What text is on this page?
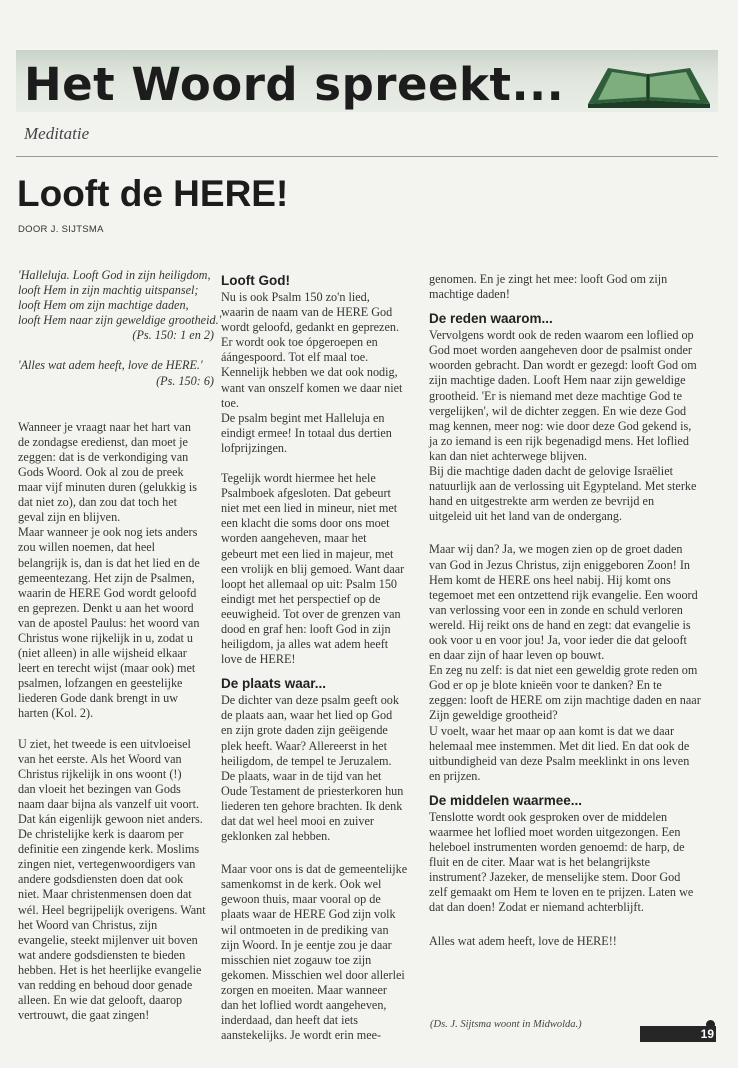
Het Woord spreekt...
Meditatie
Looft de HERE!
DOOR J. SIJTSMA

'Halleluja. Looft God in zijn heiligdom,

looft Hem in zijn machtig uitspansel;

looft Hem om zijn machtige daden,

looft Hem naar zijn geweldige grootheid.'

(Ps. 150: 1 en 2)

'Alles wat adem heeft, love de HERE.'

(Ps. 150: 6)

Wanneer je vraagt naar het hart van

de zondagse eredienst, dan moet je

zeggen: dat is de verkondiging van

Gods Woord. Ook al zou de preek

maar vijf minuten duren (gelukkig is

dat niet zo), dan zou dat toch het

geval zijn en blijven.

Maar wanneer je ook nog iets anders

zou willen noemen, dat heel

belangrijk is, dan is dat het lied en de

gemeentezang. Het zijn de Psalmen,

waarin de HERE God wordt geloofd

en geprezen. Denkt u aan het woord

van de apostel Paulus: het woord van

Christus wone rijkelijk in u, zodat u

(niet alleen) in alle wijsheid elkaar

leert en terecht wijst (maar ook) met

psalmen, lofzangen en geestelijke

liederen Gode dank brengt in uw

harten (Kol. 2).

U ziet, het tweede is een uitvloeisel

van het eerste. Als het Woord van

Christus rijkelijk in ons woont (!)

dan vloeit het bezingen van Gods

naam daar bijna als vanzelf uit voort.

Dat kán eigenlijk gewoon niet anders.

De christelijke kerk is daarom per

definitie een zingende kerk. Moslims

zingen niet, vertegenwoordigers van

andere godsdiensten doen dat ook

niet. Maar christenmensen doen dat

wél. Heel begrijpelijk overigens. Want

het Woord van Christus, zijn

evangelie, steekt mijlenver uit boven

wat andere godsdiensten te bieden

hebben. Het is het heerlijke evangelie

van redding en behoud door genade

alleen. En wie dat gelooft, daarop

vertrouwt, die gaat zingen!

Looft God!

Nu is ook Psalm 150 zo'n lied,

waarin de naam van de HERE God

wordt geloofd, gedankt en geprezen.

Er wordt ook toe ópgeroepen en

áángespoord. Tot elf maal toe.

Kennelijk hebben we dat ook nodig,

want van onszelf komen we daar niet

toe.

De psalm begint met Halleluja en

eindigt ermee! In totaal dus dertien

lofprijzingen.

Tegelijk wordt hiermee het hele

Psalmboek afgesloten. Dat gebeurt

niet met een lied in mineur, niet met

een klacht die soms door ons moet

worden aangeheven, maar het

gebeurt met een lied in majeur, met

een vrolijk en blij gemoed. Want daar

loopt het allemaal op uit: Psalm 150

eindigt met het perspectief op de

eeuwigheid. Tot over de grenzen van

dood en graf hen: looft God in zijn

heiligdom, ja alles wat adem heeft

love de HERE!

De plaats waar...

De dichter van deze psalm geeft ook

de plaats aan, waar het lied op God

en zijn grote daden zijn geëigende

plek heeft. Waar? Allereerst in het

heiligdom, de tempel te Jeruzalem.

De plaats, waar in de tijd van het

Oude Testament de priesterkoren hun

liederen ten gehore brachten. Ik denk

dat dat wel heel mooi en zuiver

geklonken zal hebben.

Maar voor ons is dat de gemeentelijke

samenkomst in de kerk. Ook wel

gewoon thuis, maar vooral op de

plaats waar de HERE God zijn volk

wil ontmoeten in de prediking van

zijn Woord. In je eentje zou je daar

misschien niet zogauw toe zijn

gekomen. Misschien wel door allerlei

zorgen en moeiten. Maar wanneer

dan het loflied wordt aangeheven,

inderdaad, dan heeft dat iets

aanstekelijks. Je wordt erin mee-

genomen. En je zingt het mee: looft God om zijn

machtige daden!

De reden waarom...

Vervolgens wordt ook de reden waarom een loflied op

God moet worden aangeheven door de psalmist onder

woorden gebracht. Dan wordt er gezegd: looft God om

zijn machtige daden. Looft Hem naar zijn geweldige

grootheid. 'Er is niemand met deze machtige God te

vergelijken', wil de dichter zeggen. En wie deze God

mag kennen, meer nog: wie door deze God gekend is,

ja zo iemand is een rijk begenadigd mens. Het loflied

kan dan niet achterwege blijven.

Bij die machtige daden dacht de gelovige Israëliet

natuurlijk aan de verlossing uit Egypteland. Met sterke

hand en uitgestrekte arm werden ze bevrijd en

uitgeleid uit het land van de ondergang.

Maar wij dan? Ja, we mogen zien op de groet daden

van God in Jezus Christus, zijn eniggeboren Zoon! In

Hem komt de HERE ons heel nabij. Hij komt ons

tegemoet met een ontzettend rijk evangelie. Een woord

van verlossing voor een in zonde en schuld verloren

wereld. Hij reikt ons de hand en zegt: dat evangelie is

ook voor u en voor jou! Ja, voor ieder die dat gelooft

en daar zijn of haar leven op bouwt.

En zeg nu zelf: is dat niet een geweldig grote reden om

God er op je blote knieën voor te danken? En te

zeggen: looft de HERE om zijn machtige daden en naar

Zijn geweldige grootheid?

U voelt, waar het maar op aan komt is dat we daar

helemaal mee instemmen. Met dit lied. En dat ook de

uitbundigheid van deze Psalm meeklinkt in ons leven

en prijzen.

De middelen waarmee...

Tenslotte wordt ook gesproken over de middelen

waarmee het loflied moet worden uitgezongen. Een

heleboel instrumenten worden genoemd: de harp, de

fluit en de citer. Maar wat is het belangrijkste

instrument? Jazeker, de menselijke stem. Door God

zelf gemaakt om Hem te loven en te prijzen. Laten we

dat dan doen! Zodat er niemand achterblijft.

Alles wat adem heeft, love de HERE!!

(Ds. J. Sijtsma woont in Midwolda.)
19
